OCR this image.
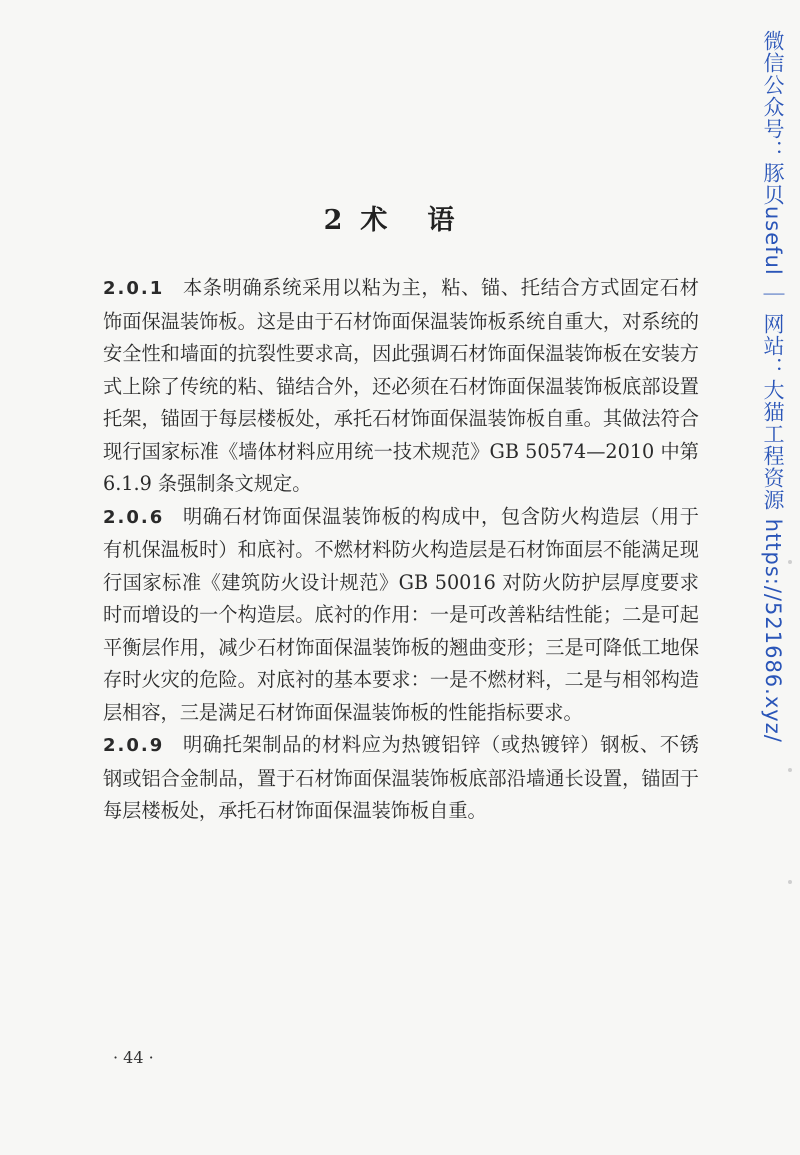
2 术 语

2.0.1 本条明确系统采用以粘为主，粘、锚、托结合方式固定石材饰面保温装饰板。这是由于石材饰面保温装饰板系统自重大，对系统的安全性和墙面的抗裂性要求高，因此强调石材饰面保温装饰板在安装方式上除了传统的粘、锚结合外，还必须在石材饰面保温装饰板底部设置托架，锚固于每层楼板处，承托石材饰面保温装饰板自重。其做法符合现行国家标准《墙体材料应用统一技术规范》GB 50574—2010 中第 6.1.9 条强制条文规定。

2.0.6 明确石材饰面保温装饰板的构成中，包含防火构造层（用于有机保温板时）和底衬。不燃材料防火构造层是石材饰面层不能满足现行国家标准《建筑防火设计规范》GB 50016 对防火防护层厚度要求时而增设的一个构造层。底衬的作用：一是可改善粘结性能；二是可起平衡层作用，减少石材饰面保温装饰板的翘曲变形；三是可降低工地保存时火灾的危险。对底衬的基本要求：一是不燃材料，二是与相邻构造层相容，三是满足石材饰面保温装饰板的性能指标要求。

2.0.9 明确托架制品的材料应为热镀铝锌（或热镀锌）钢板、不锈钢或铝合金制品，置于石材饰面保温装饰板底部沿墙通长设置，锚固于每层楼板处，承托石材饰面保温装饰板自重。

· 44 ·
微信公众号：豚贝useful ｜ 网站：大猫工程资源 https://521686.xyz/
